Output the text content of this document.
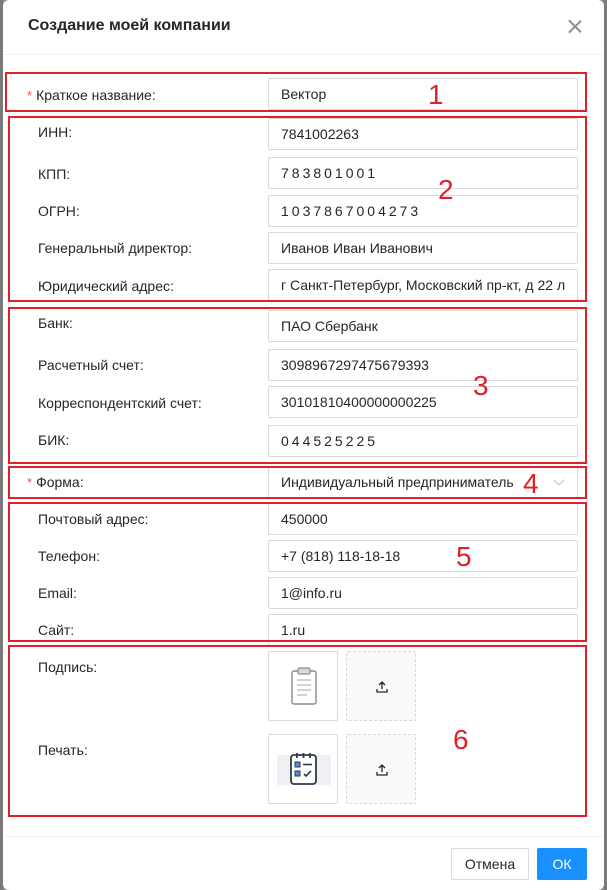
Создание моей компании
* Краткое название:
Вектор
ИНН:
7841002263
КПП:
783801001
ОГРН:
1037867004273
Генеральный директор:
Иванов Иван Иванович
Юридический адрес:
г Санкт-Петербург, Московский пр-кт, д 22 л
Банк:
ПАО Сбербанк
Расчетный счет:
3098967297475679393
Корреспондентский счет:
30101810400000000225
БИК:
044525225
* Форма:	Индивидуальный предприниматель
Почтовый адрес:
450000
Телефон:
+7 (818) 118-18-18
Email:
1@info.ru
Сайт:
1.ru
Подпись:
Печать:
1
2
3
4
5
6
Отмена	ОК
